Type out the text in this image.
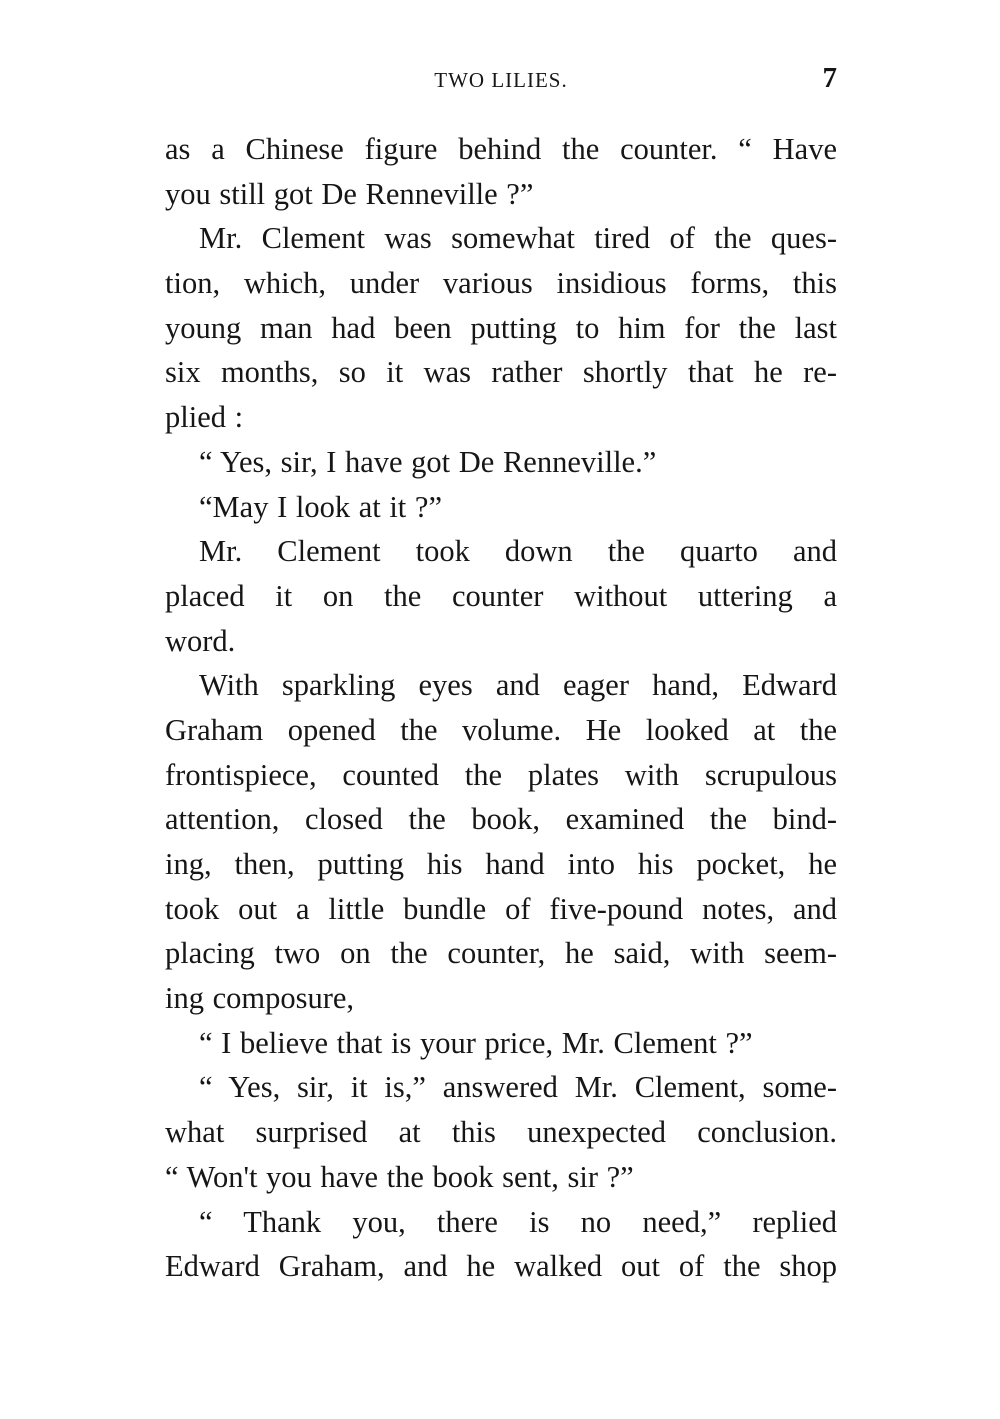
TWO LILIES.	7
as a Chinese figure behind the counter. “ Have
you still got De Renneville ?”
Mr. Clement was somewhat tired of the ques-
tion, which, under various insidious forms, this
young man had been putting to him for the last
six months, so it was rather shortly that he re-
plied :
“ Yes, sir, I have got De Renneville.”
“May I look at it ?”
Mr. Clement took down the quarto and
placed it on the counter without uttering a
word.
With sparkling eyes and eager hand, Edward
Graham opened the volume. He looked at the
frontispiece, counted the plates with scrupulous
attention, closed the book, examined the bind-
ing, then, putting his hand into his pocket, he
took out a little bundle of five-pound notes, and
placing two on the counter, he said, with seem-
ing composure,
“ I believe that is your price, Mr. Clement ?”
“ Yes, sir, it is,” answered Mr. Clement, some-
what surprised at this unexpected conclusion.
“ Won't you have the book sent, sir ?”
“ Thank you, there is no need,” replied
Edward Graham, and he walked out of the shop
